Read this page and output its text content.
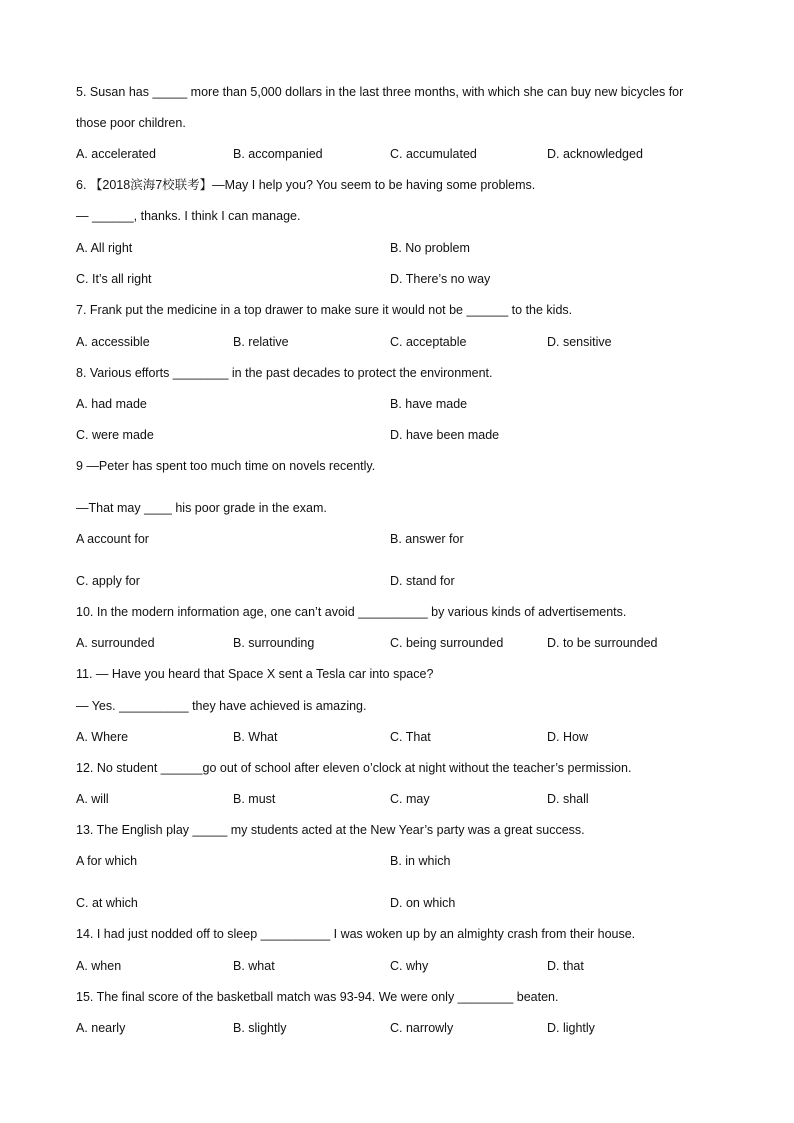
5. Susan has _____ more than 5,000 dollars in the last three months, with which she can buy new bicycles for
those poor children.
A. accelerated	B. accompanied	C. accumulated	D. acknowledged
6. 【2018滨海7校联考】—May I help you? You seem to be having some problems.
— ______, thanks. I think I can manage.
A. All right	B. No problem
C. It’s all right	D. There’s no way
7. Frank put the medicine in a top drawer to make sure it would not be ______ to the kids.
A. accessible	B. relative	C. acceptable	D. sensitive
8. Various efforts ________ in the past decades to protect the environment.
A. had made	B. have made
C. were made	D. have been made
9 —Peter has spent too much time on novels recently.
—That may ____ his poor grade in the exam.
A account for	B. answer for
C. apply for	D. stand for
10. In the modern information age, one can’t avoid __________ by various kinds of advertisements.
A. surrounded	B. surrounding	C. being surrounded	D. to be surrounded
11. — Have you heard that Space X sent a Tesla car into space?
— Yes. __________ they have achieved is amazing.
A. Where	B. What	C. That	D. How
12. No student ______go out of school after eleven o’clock at night without the teacher’s permission.
A. will	B. must	C. may	D. shall
13. The English play _____ my students acted at the New Year’s party was a great success.
A for which	B. in which
C. at which	D. on which
14. I had just nodded off to sleep __________ I was woken up by an almighty crash from their house.
A. when	B. what	C. why	D. that
15. The final score of the basketball match was 93-94. We were only ________ beaten.
A. nearly	B. slightly	C. narrowly	D. lightly
